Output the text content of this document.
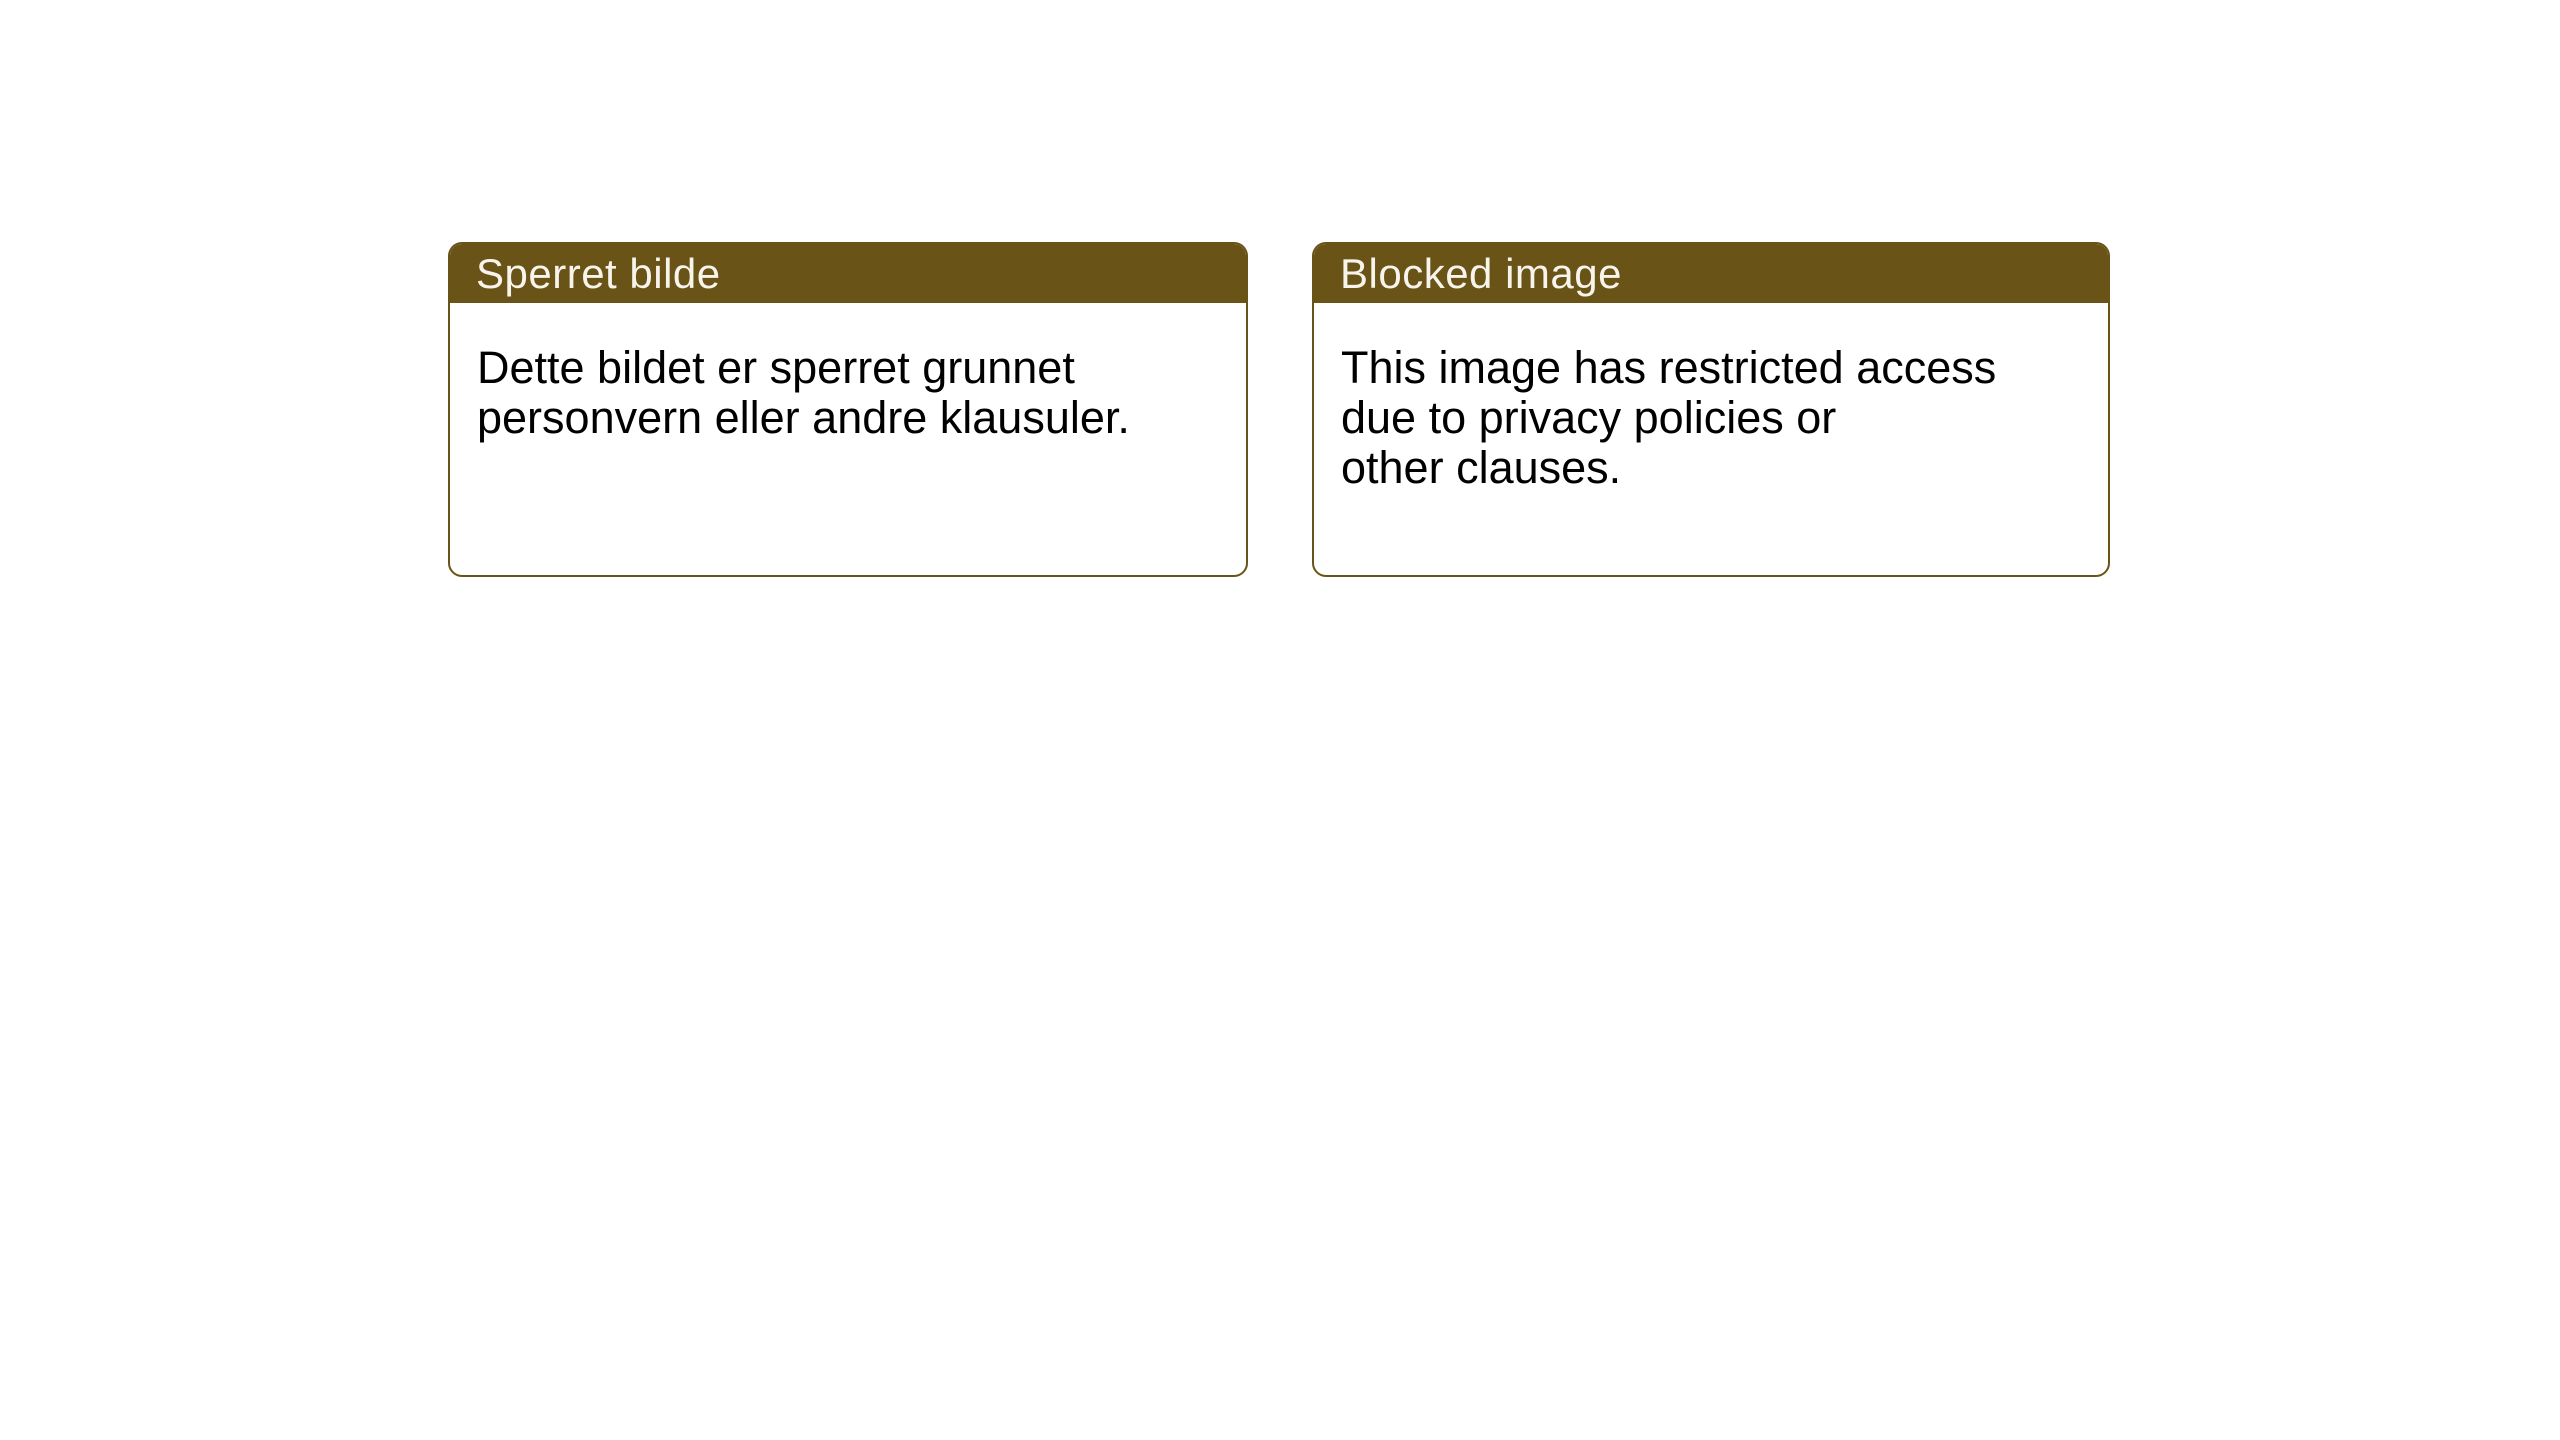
Sperret bilde
Dette bildet er sperret grunnet
personvern eller andre klausuler.
Blocked image
This image has restricted access
due to privacy policies or
other clauses.
